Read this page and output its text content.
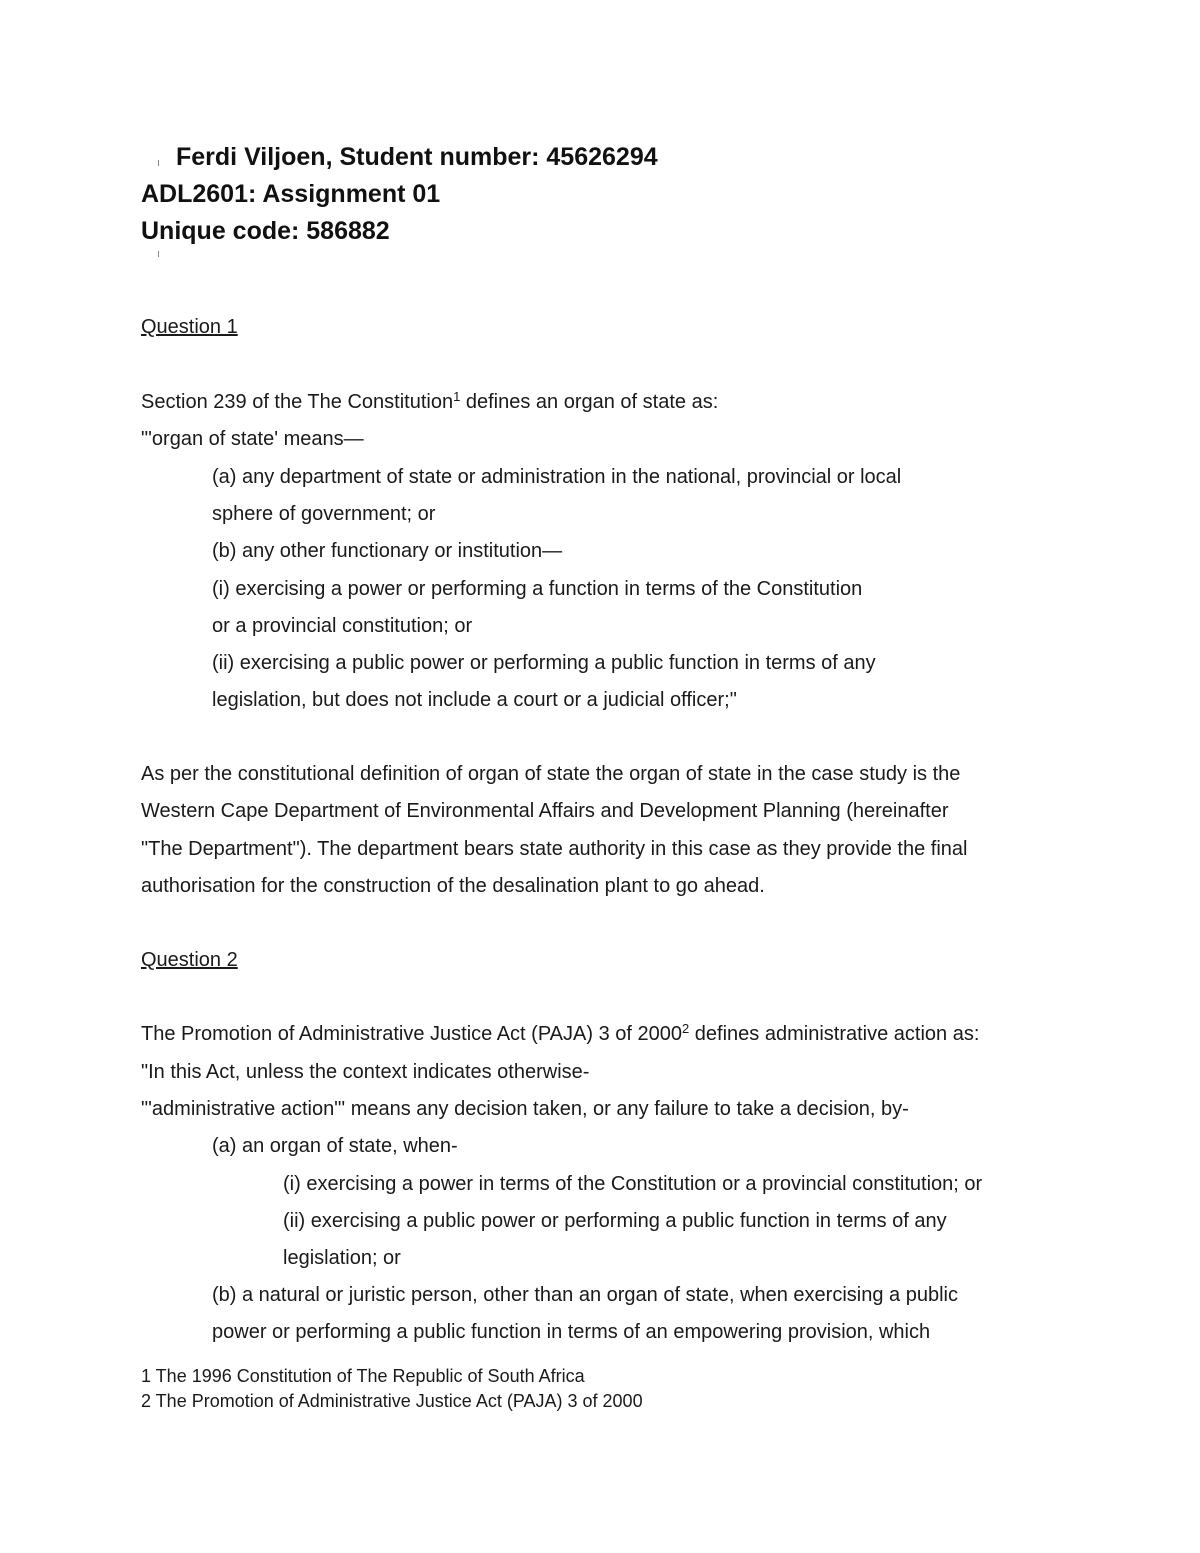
Ferdi Viljoen, Student number: 45626294
ADL2601: Assignment 01
Unique code: 586882
Question 1
Section 239 of the The Constitution$^1$ defines an organ of state as:
"'organ of state' means—
(a) any department of state or administration in the national, provincial or local
sphere of government; or
(b) any other functionary or institution—
(i) exercising a power or performing a function in terms of the Constitution
or a provincial constitution; or
(ii) exercising a public power or performing a public function in terms of any
legislation, but does not include a court or a judicial officer;"
As per the constitutional definition of organ of state the organ of state in the case study is the
Western Cape Department of Environmental Affairs and Development Planning (hereinafter
"The Department"). The department bears state authority in this case as they provide the final
authorisation for the construction of the desalination plant to go ahead.
Question 2
The Promotion of Administrative Justice Act (PAJA) 3 of 2000$^2$ defines administrative action as:
"In this Act, unless the context indicates otherwise-
"'administrative action"' means any decision taken, or any failure to take a decision, by-
(a) an organ of state, when-
(i) exercising a power in terms of the Constitution or a provincial constitution; or
(ii) exercising a public power or performing a public function in terms of any
legislation; or
(b) a natural or juristic person, other than an organ of state, when exercising a public
power or performing a public function in terms of an empowering provision, which
1 The 1996 Constitution of The Republic of South Africa
2 The Promotion of Administrative Justice Act (PAJA) 3 of 2000
